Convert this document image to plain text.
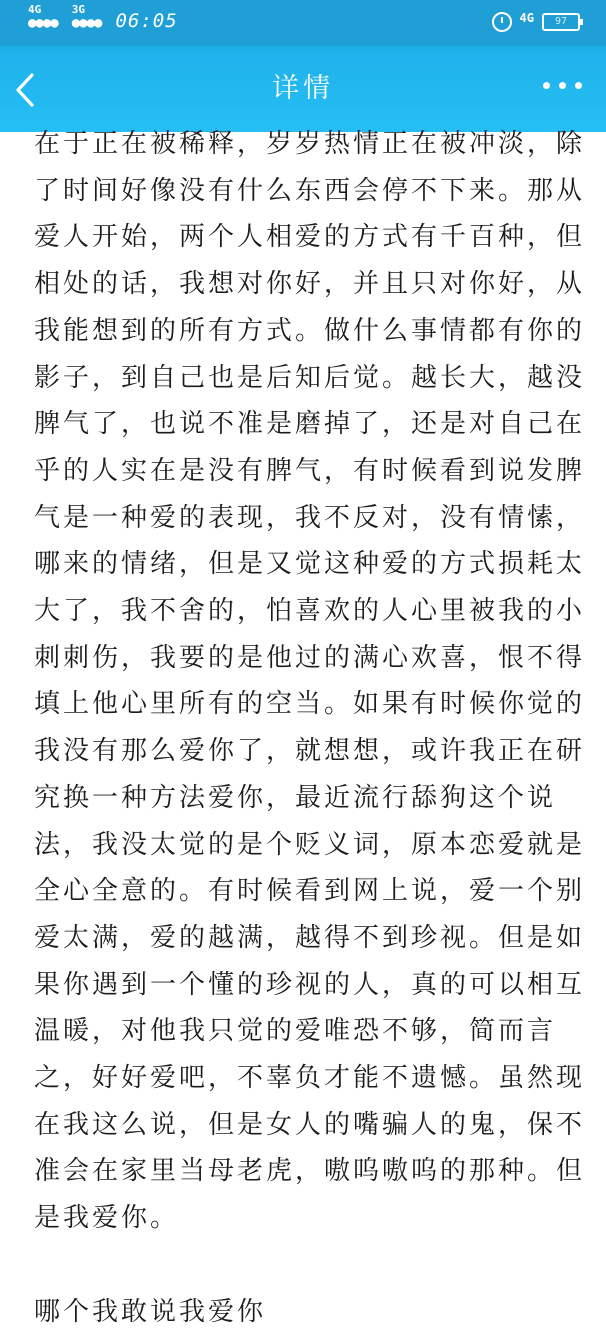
4G
●●●●
3G
●●●● 06:05	4G	97
详情
在于正在被稀释，岁岁热情正在被冲淡，除
了时间好像没有什么东西会停不下来。那从
爱人开始，两个人相爱的方式有千百种，但
相处的话，我想对你好，并且只对你好，从
我能想到的所有方式。做什么事情都有你的
影子，到自己也是后知后觉。越长大，越没
脾气了，也说不准是磨掉了，还是对自己在
乎的人实在是没有脾气，有时候看到说发脾
气是一种爱的表现，我不反对，没有情愫，
哪来的情绪，但是又觉这种爱的方式损耗太
大了，我不舍的，怕喜欢的人心里被我的小
刺刺伤，我要的是他过的满心欢喜，恨不得
填上他心里所有的空当。如果有时候你觉的
我没有那么爱你了，就想想，或许我正在研
究换一种方法爱你，最近流行舔狗这个说
法，我没太觉的是个贬义词，原本恋爱就是
全心全意的。有时候看到网上说，爱一个别
爱太满，爱的越满，越得不到珍视。但是如
果你遇到一个懂的珍视的人，真的可以相互
温暖，对他我只觉的爱唯恐不够，简而言
之，好好爱吧，不辜负才能不遗憾。虽然现
在我这么说，但是女人的嘴骗人的鬼，保不
准会在家里当母老虎，嗷呜嗷呜的那种。但
是我爱你。
哪个我敢说我爱你
